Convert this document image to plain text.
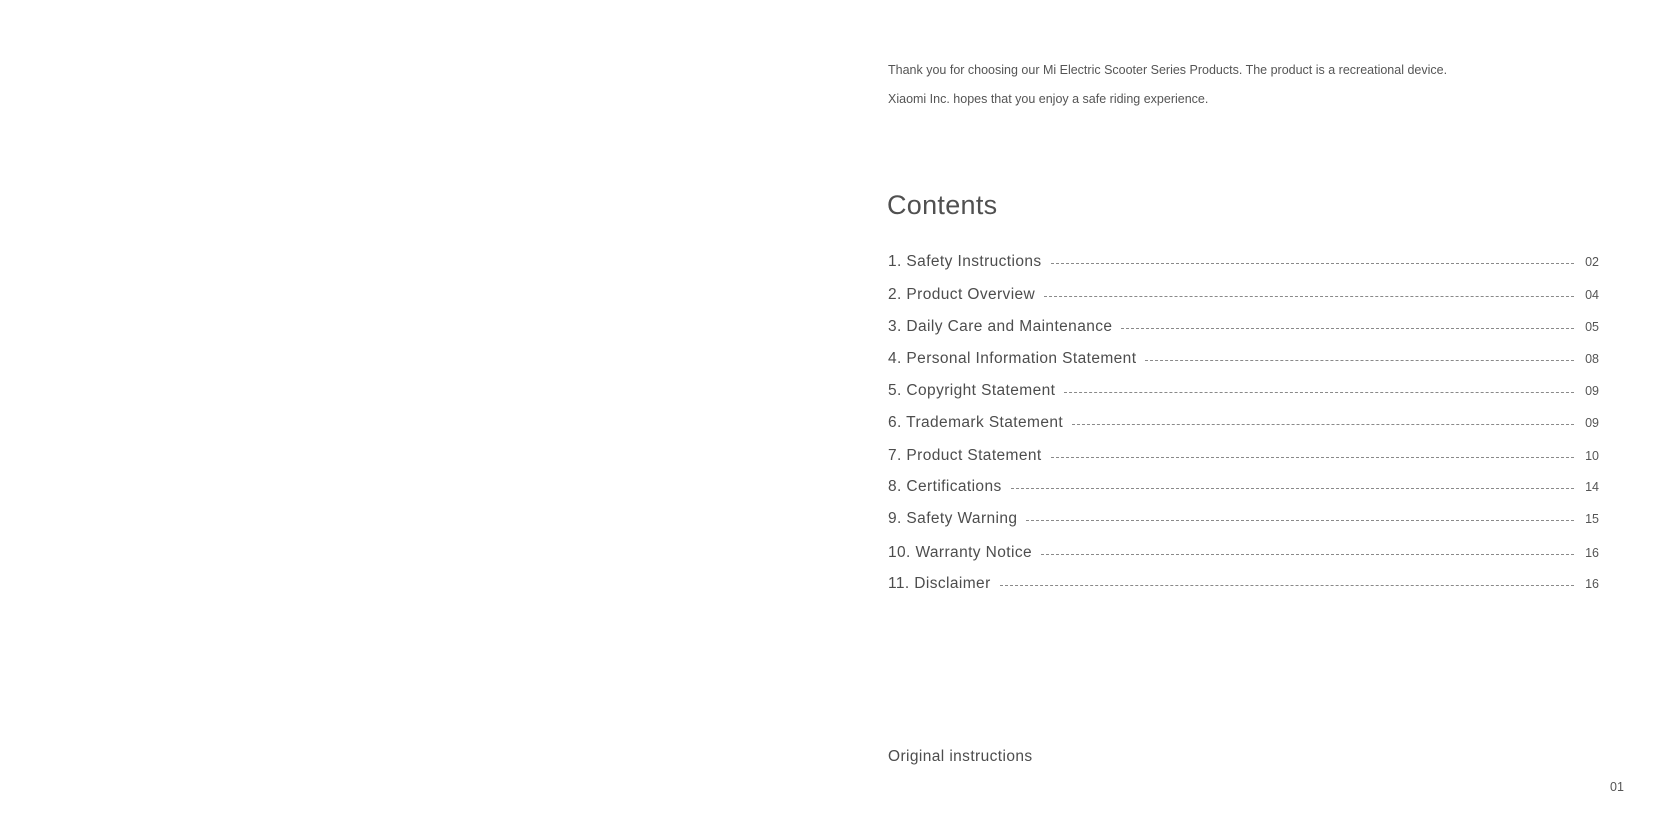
Thank you for choosing our Mi Electric Scooter Series Products. The product is a recreational device.

Xiaomi Inc. hopes that you enjoy a safe riding experience.

Contents
1. Safety Instructions	02
2. Product Overview	04
3. Daily Care and Maintenance	05
4. Personal Information Statement	08
5. Copyright Statement	09
6. Trademark Statement	09
7. Product Statement	10
8. Certifications	14
9. Safety Warning	15
10. Warranty Notice	16
11. Disclaimer	16
Original instructions
01
